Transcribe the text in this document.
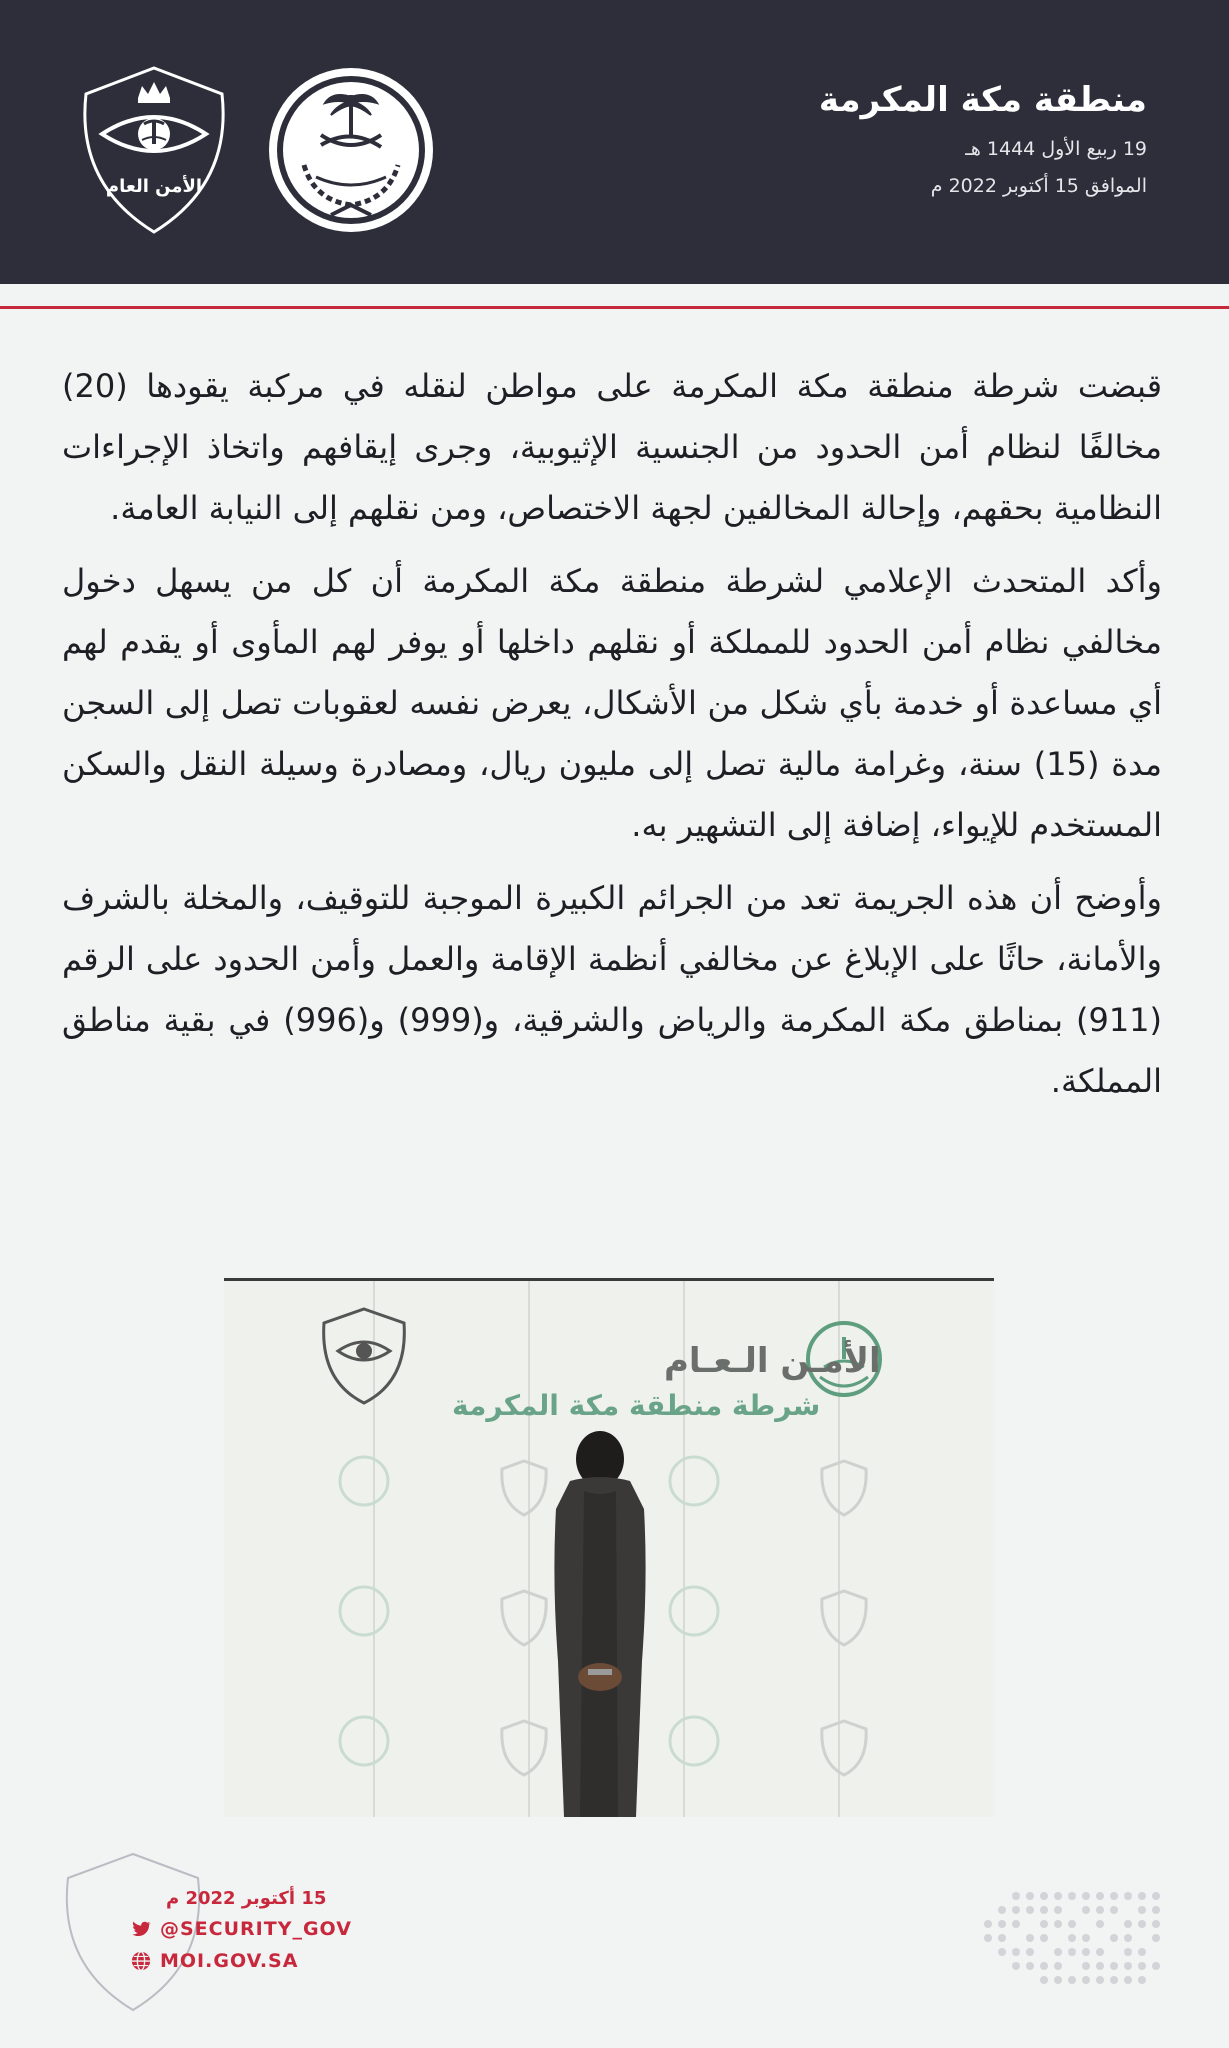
منطقة مكة المكرمة
19 ربيع الأول 1444 هـ
الموافق 15 أكتوبر 2022 م
الأمن العام

قبضت شرطة منطقة مكة المكرمة على مواطن لنقله في مركبة يقودها (20) مخالفًا لنظام أمن الحدود من الجنسية الإثيوبية، وجرى إيقافهم واتخاذ الإجراءات النظامية بحقهم، وإحالة المخالفين لجهة الاختصاص، ومن نقلهم إلى النيابة العامة.

وأكد المتحدث الإعلامي لشرطة منطقة مكة المكرمة أن كل من يسهل دخول مخالفي نظام أمن الحدود للمملكة أو نقلهم داخلها أو يوفر لهم المأوى أو يقدم لهم أي مساعدة أو خدمة بأي شكل من الأشكال، يعرض نفسه لعقوبات تصل إلى السجن مدة (15) سنة، وغرامة مالية تصل إلى مليون ريال، ومصادرة وسيلة النقل والسكن المستخدم للإيواء، إضافة إلى التشهير به.

وأوضح أن هذه الجريمة تعد من الجرائم الكبيرة الموجبة للتوقيف، والمخلة بالشرف والأمانة، حاثًا على الإبلاغ عن مخالفي أنظمة الإقامة والعمل وأمن الحدود على الرقم (911) بمناطق مكة المكرمة والرياض والشرقية، و(999) و(996) في بقية مناطق المملكة.

الأمـن الـعـام
شرطة منطقة مكة المكرمة
15 أكتوبر 2022 م
@SECURITY_GOV
MOI.GOV.SA
